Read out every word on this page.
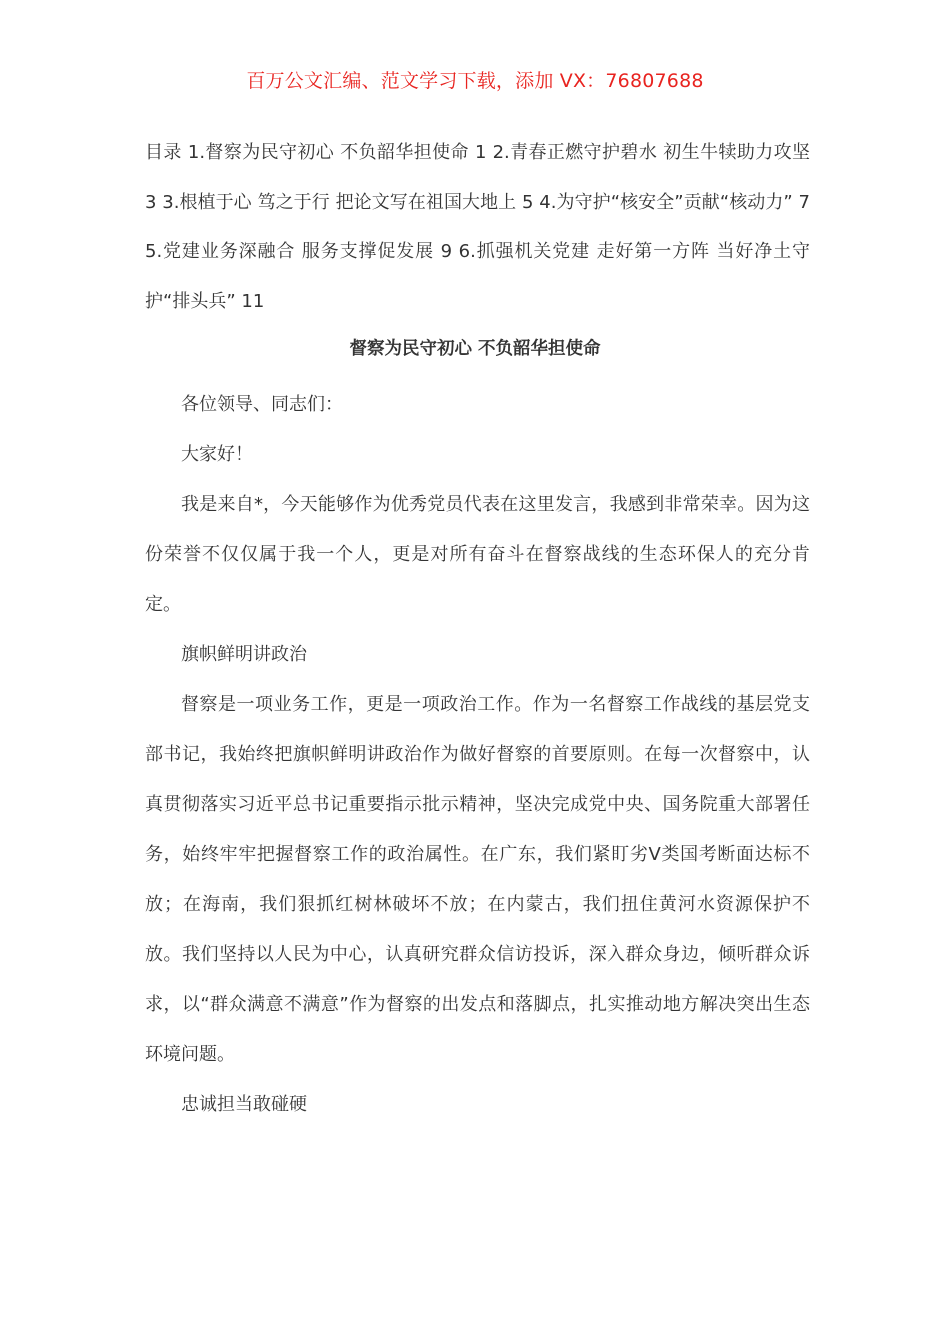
百万公文汇编、范文学习下载，添加 VX：76807688
目录 1.督察为民守初心 不负韶华担使命 1 2.青春正燃守护碧水 初生牛犊助力攻坚 3 3.根植于心 笃之于行 把论文写在祖国大地上 5 4.为守护“核安全”贡献“核动力” 7 5.党建业务深融合 服务支撑促发展 9 6.抓强机关党建 走好第一方阵 当好净土守护“排头兵” 11
督察为民守初心 不负韶华担使命

各位领导、同志们：

大家好！

我是来自*，今天能够作为优秀党员代表在这里发言，我感到非常荣幸。因为这份荣誉不仅仅属于我一个人，更是对所有奋斗在督察战线的生态环保人的充分肯定。

旗帜鲜明讲政治

督察是一项业务工作，更是一项政治工作。作为一名督察工作战线的基层党支部书记，我始终把旗帜鲜明讲政治作为做好督察的首要原则。在每一次督察中，认真贯彻落实习近平总书记重要指示批示精神，坚决完成党中央、国务院重大部署任务，始终牢牢把握督察工作的政治属性。在广东，我们紧盯劣Ⅴ类国考断面达标不放；在海南，我们狠抓红树林破坏不放；在内蒙古，我们扭住黄河水资源保护不放。我们坚持以人民为中心，认真研究群众信访投诉，深入群众身边，倾听群众诉求，以“群众满意不满意”作为督察的出发点和落脚点，扎实推动地方解决突出生态环境问题。

忠诚担当敢碰硬
